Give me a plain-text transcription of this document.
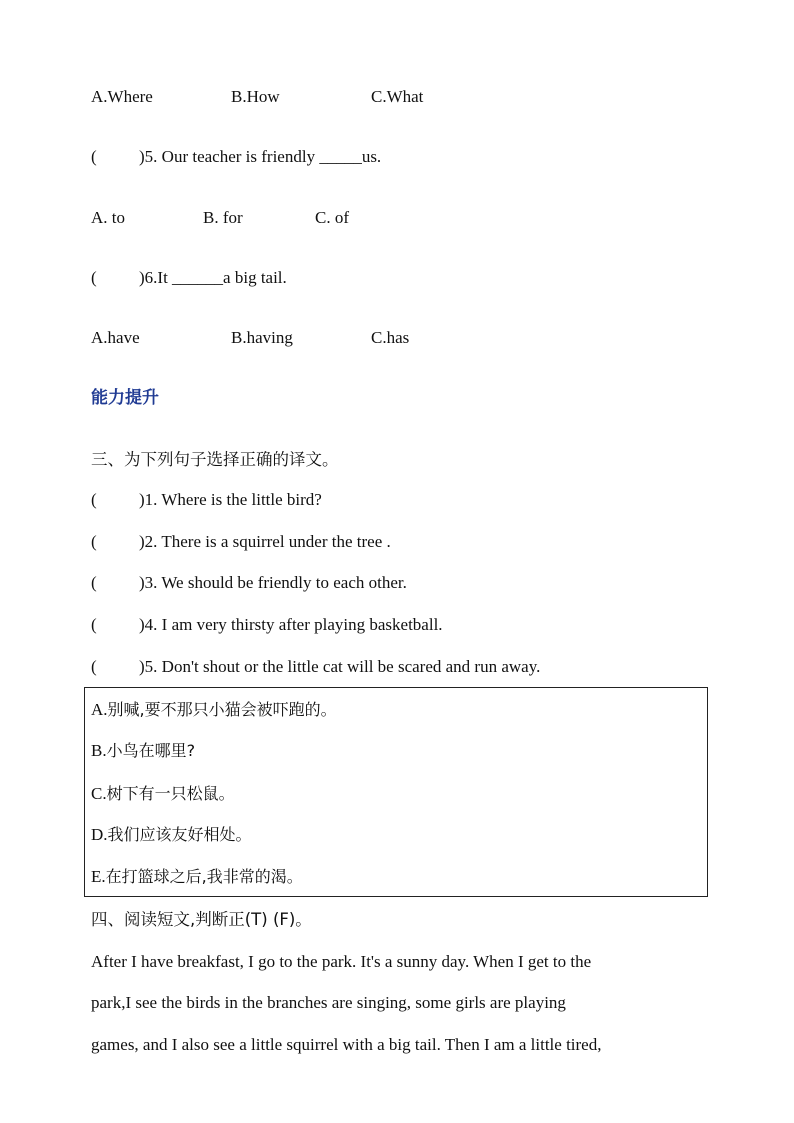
A.Where	B.How	C.What
( )5. Our teacher is friendly _____us.
A. to	B. for	C. of
( )6.It ______a big tail.
A.have	B.having	C.has
能力提升
三、为下列句子选择正确的译文。
( )1. Where is the little bird?
( )2. There is a squirrel under the tree .
( )3. We should be friendly to each other.
( )4. I am very thirsty after playing basketball.
( )5. Don't shout or the little cat will be scared and run away.
A.别喊,要不那只小猫会被吓跑的。
B.小鸟在哪里?
C.树下有一只松鼠。
D.我们应该友好相处。
E.在打篮球之后,我非常的渴。
四、阅读短文,判断正(T) (F)。
After I have breakfast, I go to the park. It's a sunny day. When I get to the
park,I see the birds in the branches are singing, some girls are playing
games, and I also see a little squirrel with a big tail. Then I am a little tired,
